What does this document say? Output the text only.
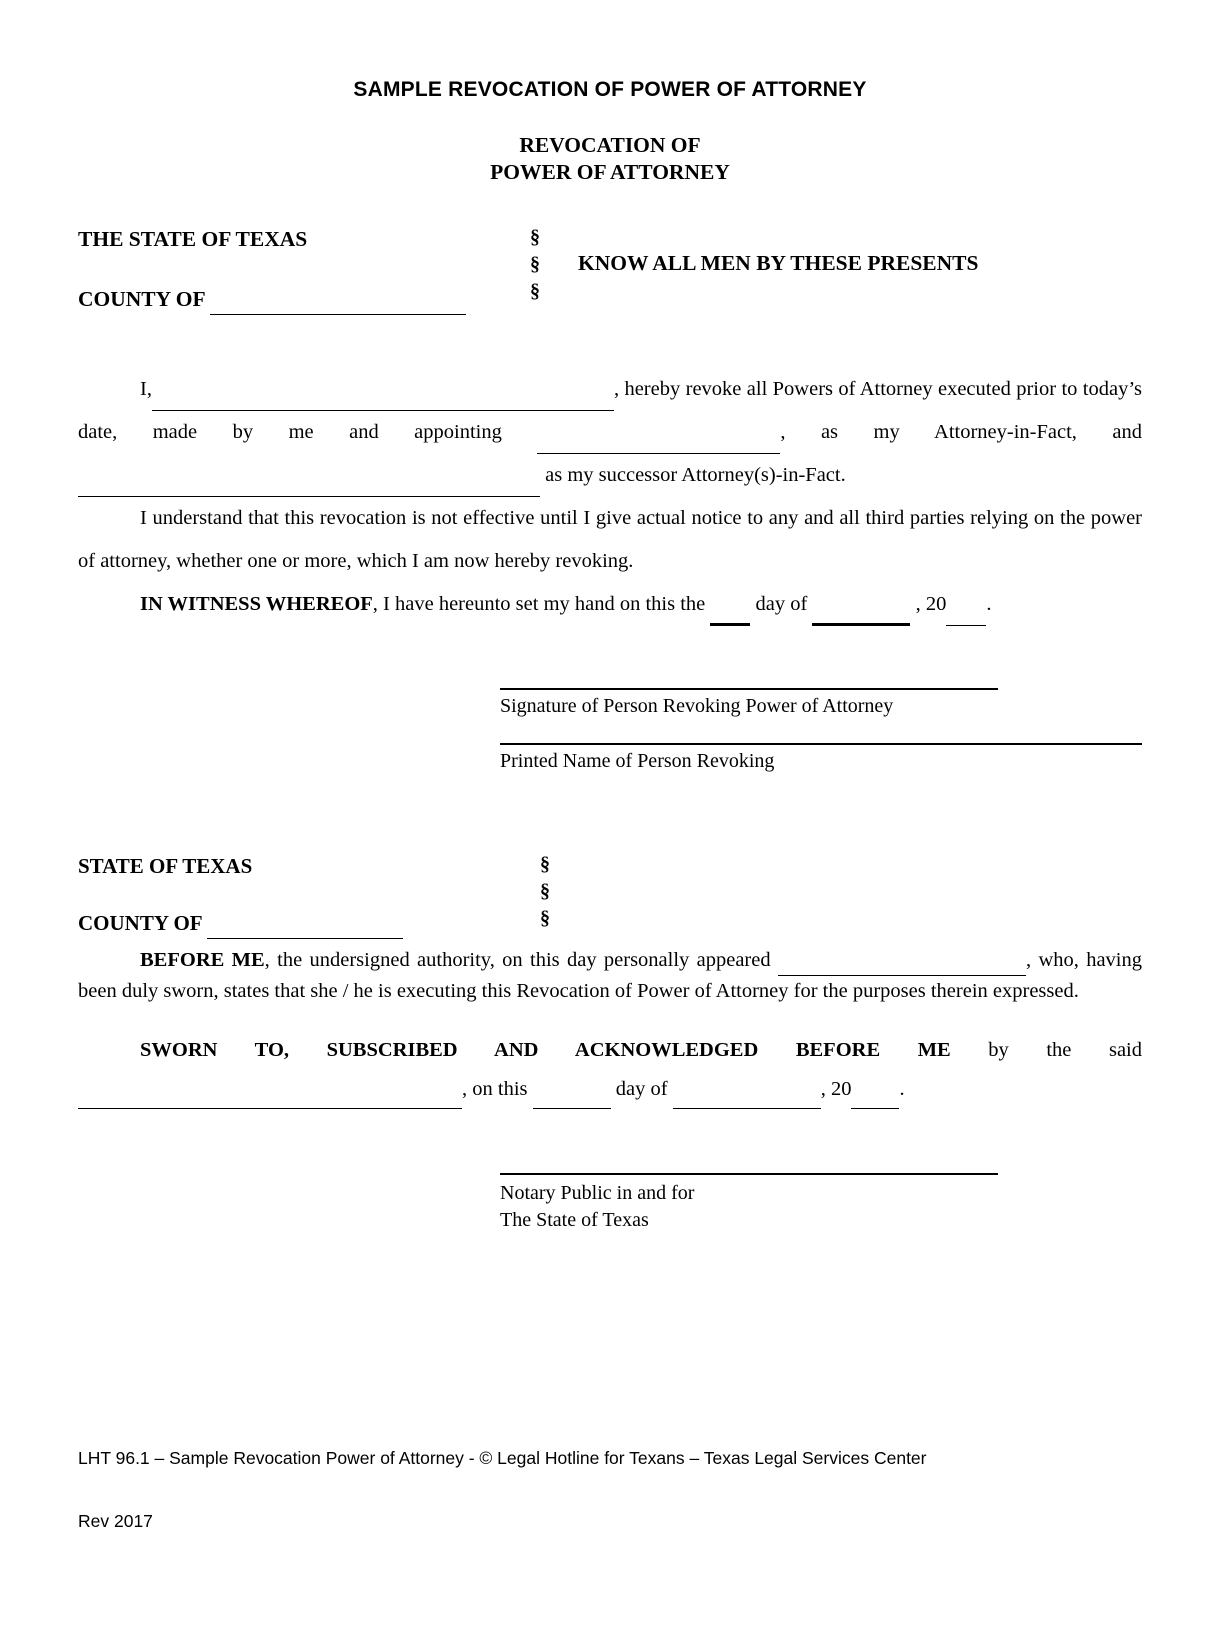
SAMPLE REVOCATION OF POWER OF ATTORNEY
REVOCATION OF
POWER OF ATTORNEY
THE STATE OF TEXAS
COUNTY OF
§
§
§
KNOW ALL MEN BY THESE PRESENTS
I,	, hereby revoke all Powers of Attorney executed prior to today’s date, made by me and appointing	, as my Attorney-in-Fact, and  as my successor Attorney(s)-in-Fact.
I understand that this revocation is not effective until I give actual notice to any and all third parties relying on the power of attorney, whether one or more, which I am now hereby revoking.
IN WITNESS WHEREOF, I have hereunto set my hand on this the day of	, 20 .
Signature of Person Revoking Power of Attorney
Printed Name of Person Revoking
STATE OF TEXAS
COUNTY OF
§
§
§
BEFORE ME, the undersigned authority, on this day personally appeared	, who, having been duly sworn, states that she / he is executing this Revocation of Power of Attorney for the purposes therein expressed.
SWORN TO, SUBSCRIBED AND ACKNOWLEDGED BEFORE ME by the said
, on this	day of	, 20 .
Notary Public in and for
The State of Texas
LHT 96.1 – Sample Revocation Power of Attorney - © Legal Hotline for Texans – Texas Legal Services Center
Rev 2017
